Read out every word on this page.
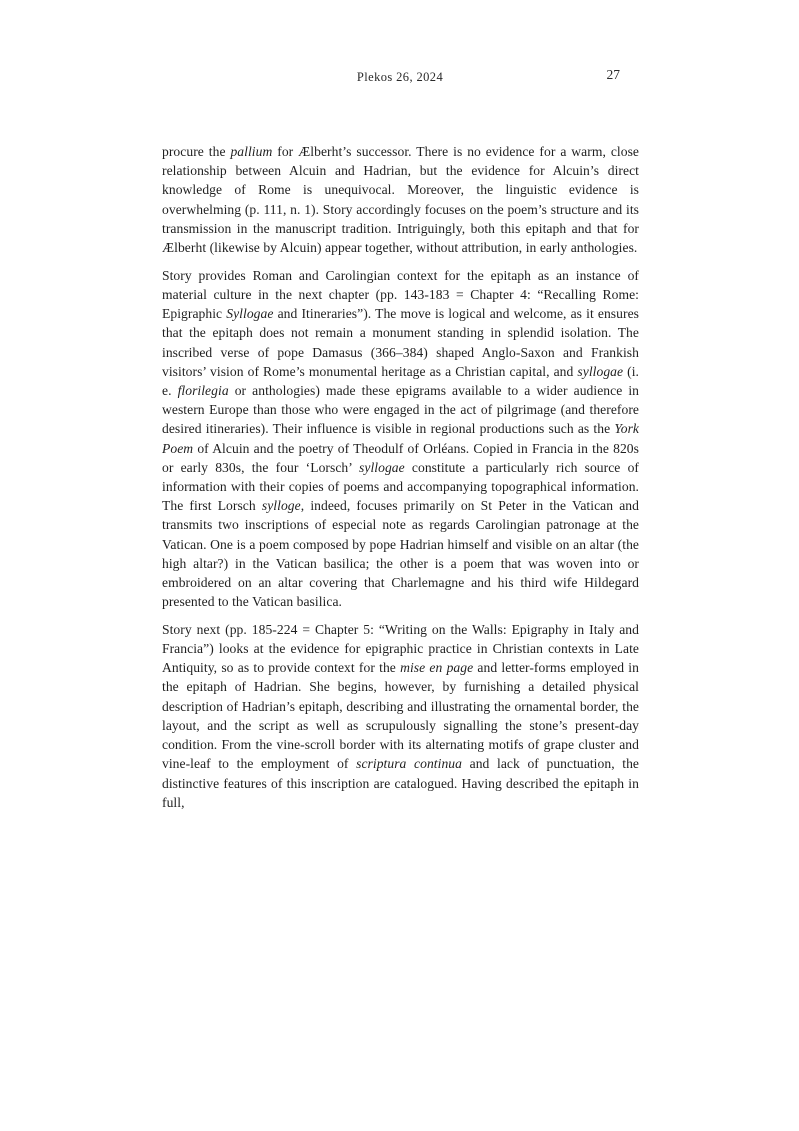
Plekos 26, 2024	27

procure the pallium for Ælberht’s successor. There is no evidence for a warm, close relationship between Alcuin and Hadrian, but the evidence for Alcuin’s direct knowledge of Rome is unequivocal. Moreover, the linguistic evidence is overwhelming (p. 111, n. 1). Story accordingly focuses on the poem’s structure and its transmission in the manuscript tradition. Intriguingly, both this epitaph and that for Ælberht (likewise by Alcuin) appear together, without attribution, in early anthologies.

Story provides Roman and Carolingian context for the epitaph as an instance of material culture in the next chapter (pp. 143-183 = Chapter 4: “Recalling Rome: Epigraphic Syllogae and Itineraries”). The move is logical and welcome, as it ensures that the epitaph does not remain a monument standing in splendid isolation. The inscribed verse of pope Damasus (366–384) shaped Anglo-Saxon and Frankish visitors’ vision of Rome’s monumental heritage as a Christian capital, and syllogae (i. e. florilegia or anthologies) made these epigrams available to a wider audience in western Europe than those who were engaged in the act of pilgrimage (and therefore desired itineraries). Their influence is visible in regional productions such as the York Poem of Alcuin and the poetry of Theodulf of Orléans. Copied in Francia in the 820s or early 830s, the four ‘Lorsch’ syllogae constitute a particularly rich source of information with their copies of poems and accompanying topographical information. The first Lorsch sylloge, indeed, focuses primarily on St Peter in the Vatican and transmits two inscriptions of especial note as regards Carolingian patronage at the Vatican. One is a poem composed by pope Hadrian himself and visible on an altar (the high altar?) in the Vatican basilica; the other is a poem that was woven into or embroidered on an altar covering that Charlemagne and his third wife Hildegard presented to the Vatican basilica.

Story next (pp. 185-224 = Chapter 5: “Writing on the Walls: Epigraphy in Italy and Francia”) looks at the evidence for epigraphic practice in Christian contexts in Late Antiquity, so as to provide context for the mise en page and letter-forms employed in the epitaph of Hadrian. She begins, however, by furnishing a detailed physical description of Hadrian’s epitaph, describing and illustrating the ornamental border, the layout, and the script as well as scrupulously signalling the stone’s present-day condition. From the vine-scroll border with its alternating motifs of grape cluster and vine-leaf to the employment of scriptura continua and lack of punctuation, the distinctive features of this inscription are catalogued. Having described the epitaph in full,
